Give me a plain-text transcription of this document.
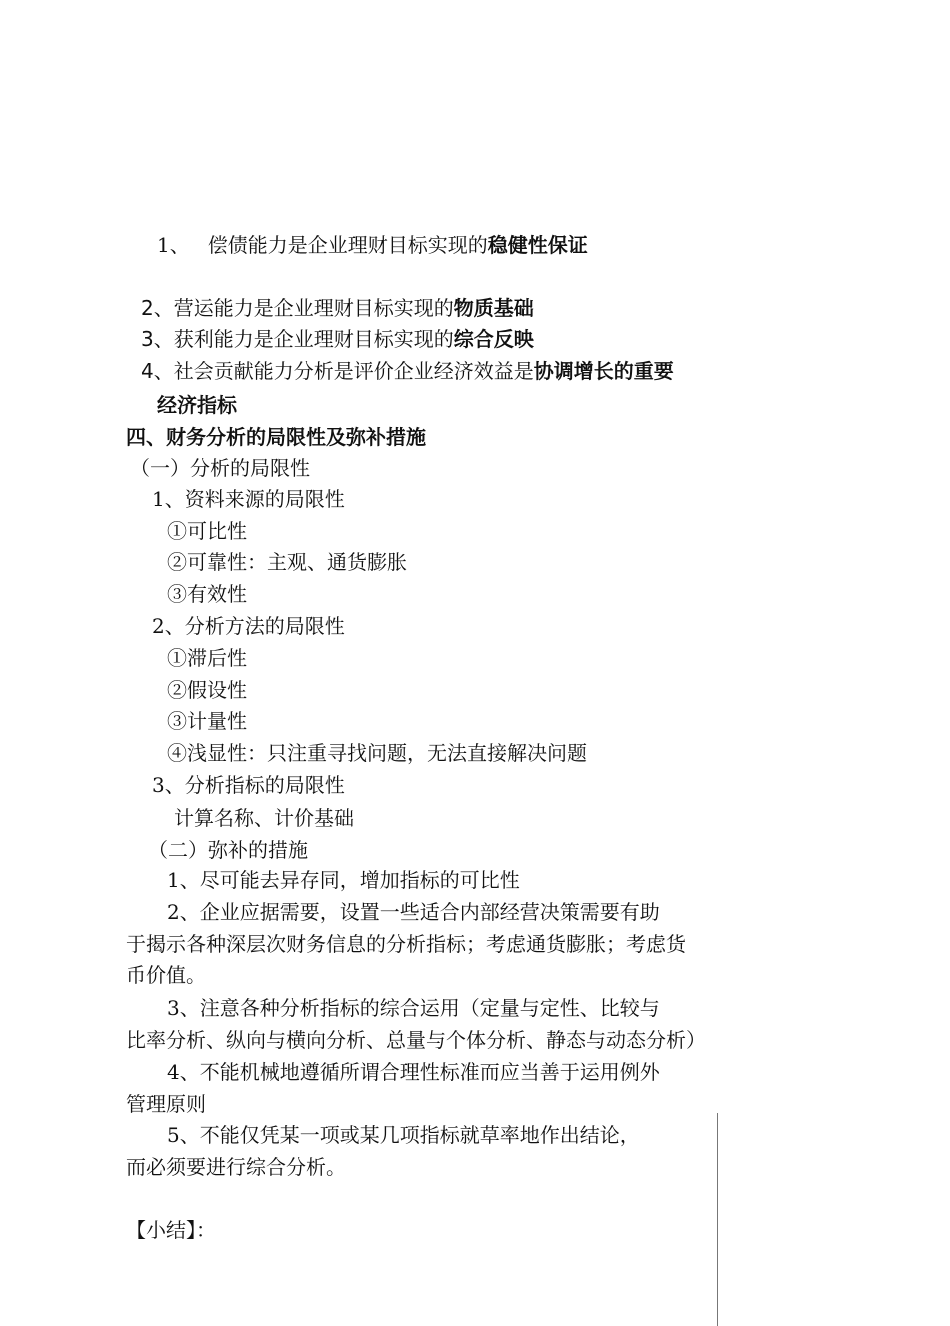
1、 偿债能力是企业理财目标实现的稳健性保证
2、营运能力是企业理财目标实现的物质基础
3、获利能力是企业理财目标实现的综合反映
4、社会贡献能力分析是评价企业经济效益是协调增长的重要
经济指标
四、财务分析的局限性及弥补措施
（一）分析的局限性
1、资料来源的局限性
①可比性
②可靠性：主观、通货膨胀
③有效性
2、分析方法的局限性
①滞后性
②假设性
③计量性
④浅显性：只注重寻找问题，无法直接解决问题
3、分析指标的局限性
计算名称、计价基础
（二）弥补的措施
1、尽可能去异存同，增加指标的可比性
2、企业应据需要，设置一些适合内部经营决策需要有助
于揭示各种深层次财务信息的分析指标；考虑通货膨胀；考虑货
币价值。
3、注意各种分析指标的综合运用（定量与定性、比较与
比率分析、纵向与横向分析、总量与个体分析、静态与动态分析）
4、不能机械地遵循所谓合理性标准而应当善于运用例外
管理原则
5、不能仅凭某一项或某几项指标就草率地作出结论，
而必须要进行综合分析。
【小结】：
